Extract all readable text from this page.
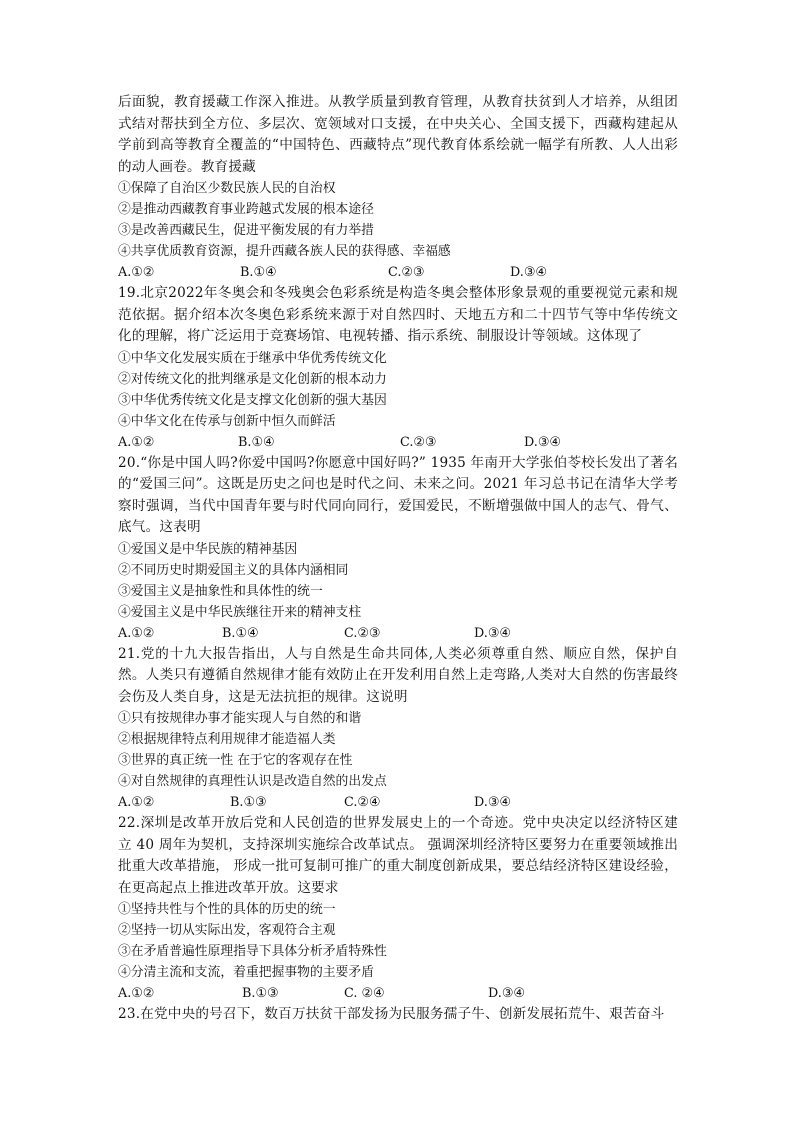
后面貌，教育援藏工作深入推进。从教学质量到教育管理，从教育扶贫到人才培养，从组团式结对帮扶到全方位、多层次、宽领域对口支援，在中央关心、全国支援下，西藏构建起从学前到高等教育全覆盖的“中国特色、西藏特点”现代教育体系绘就一幅学有所教、人人出彩的动人画卷。教育援藏

①保障了自治区少数民族人民的自治权

②是推动西藏教育事业跨越式发展的根本途径

③是改善西藏民生，促进平衡发展的有力举措

④共享优质教育资源，提升西藏各族人民的获得感、幸福感

A.①②	B.①④	C.②③	D.③④

19.北京2022年冬奥会和冬残奥会色彩系统是构造冬奥会整体形象景观的重要视觉元素和规范依据。据介绍本次冬奥色彩系统来源于对自然四时、天地五方和二十四节气等中华传统文化的理解，将广泛运用于竞赛场馆、电视转播、指示系统、制服设计等领域。这体现了

①中华文化发展实质在于继承中华优秀传统文化

②对传统文化的批判继承是文化创新的根本动力

③中华优秀传统文化是支撑文化创新的强大基因

④中华文化在传承与创新中恒久而鲜活

A.①②	B.①④	C.②③	D.③④

20.“你是中国人吗?你爱中国吗?你愿意中国好吗?” 1935 年南开大学张伯苓校长发出了著名的“爱国三问”。这既是历史之问也是时代之问、未来之问。2021 年习总书记在清华大学考察时强调，当代中国青年要与时代同向同行，爱国爱民，不断增强做中国人的志气、骨气、底气。这表明

①爱国义是中华民族的精神基因

②不同历史时期爱国主义的具体内涵相同

③爱国主义是抽象性和具体性的统一

④爱国主义是中华民族继往开来的精神支柱

A.①②	B.①④	C.②③	D.③④

21.党的十九大报告指出，人与自然是生命共同体,人类必须尊重自然、顺应自然，保护自然。人类只有遵循自然规律才能有效防止在开发利用自然上走弯路,人类对大自然的伤害最终会伤及人类自身，这是无法抗拒的规律。这说明

①只有按规律办事才能实现人与自然的和谐

②根据规律特点利用规律才能造福人类

③世界的真正统一性 在于它的客观存在性

④对自然规律的真理性认识是改造自然的出发点

A.①②	B.①③	C.②④	D.③④

22.深圳是改革开放后党和人民创造的世界发展史上的一个奇迹。党中央决定以经济特区建立 40 周年为契机，支持深圳实施综合改革试点。 强调深圳经济特区要努力在重要领域推出批重大改革措施， 形成一批可复制可推广的重大制度创新成果，要总结经济特区建设经验，在更高起点上推进改革开放。这要求

①坚持共性与个性的具体的历史的统一

②坚持一切从实际出发，客观符合主观

③在矛盾普遍性原理指导下具体分析矛盾特殊性

④分清主流和支流，着重把握事物的主要矛盾

A.①②	B.①③	C. ②④	D.③④

23.在党中央的号召下，数百万扶贫干部发扬为民服务孺子牛、创新发展拓荒牛、艰苦奋斗
